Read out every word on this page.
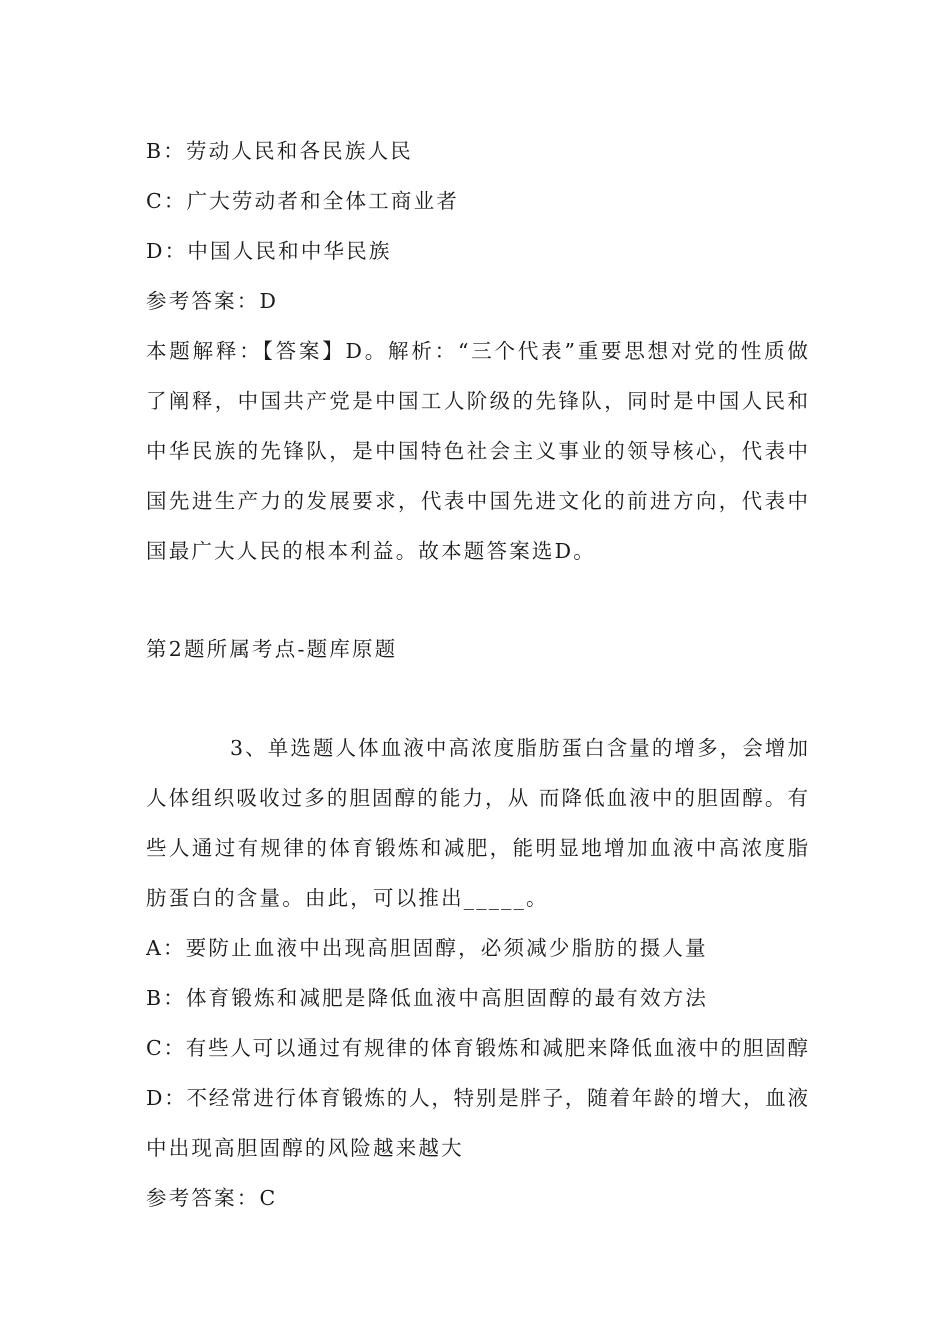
B：劳动人民和各民族人民
C：广大劳动者和全体工商业者
D：中国人民和中华民族
参考答案：D
本题解释：【答案】D。解析：“三个代表”重要思想对党的性质做
了阐释，中国共产党是中国工人阶级的先锋队，同时是中国人民和
中华民族的先锋队，是中国特色社会主义事业的领导核心，代表中
国先进生产力的发展要求，代表中国先进文化的前进方向，代表中
国最广大人民的根本利益。故本题答案选D。
第2题所属考点-题库原题
3、单选题人体血液中高浓度脂肪蛋白含量的增多，会增加
人体组织吸收过多的胆固醇的能力，从 而降低血液中的胆固醇。有
些人通过有规律的体育锻炼和减肥，能明显地增加血液中高浓度脂
肪蛋白的含量。由此，可以推出_____。
A：要防止血液中出现高胆固醇，必须减少脂肪的摄人量
B：体育锻炼和减肥是降低血液中高胆固醇的最有效方法
C：有些人可以通过有规律的体育锻炼和减肥来降低血液中的胆固醇
D：不经常进行体育锻炼的人，特别是胖子，随着年龄的增大，血液
中出现高胆固醇的风险越来越大
参考答案：C
